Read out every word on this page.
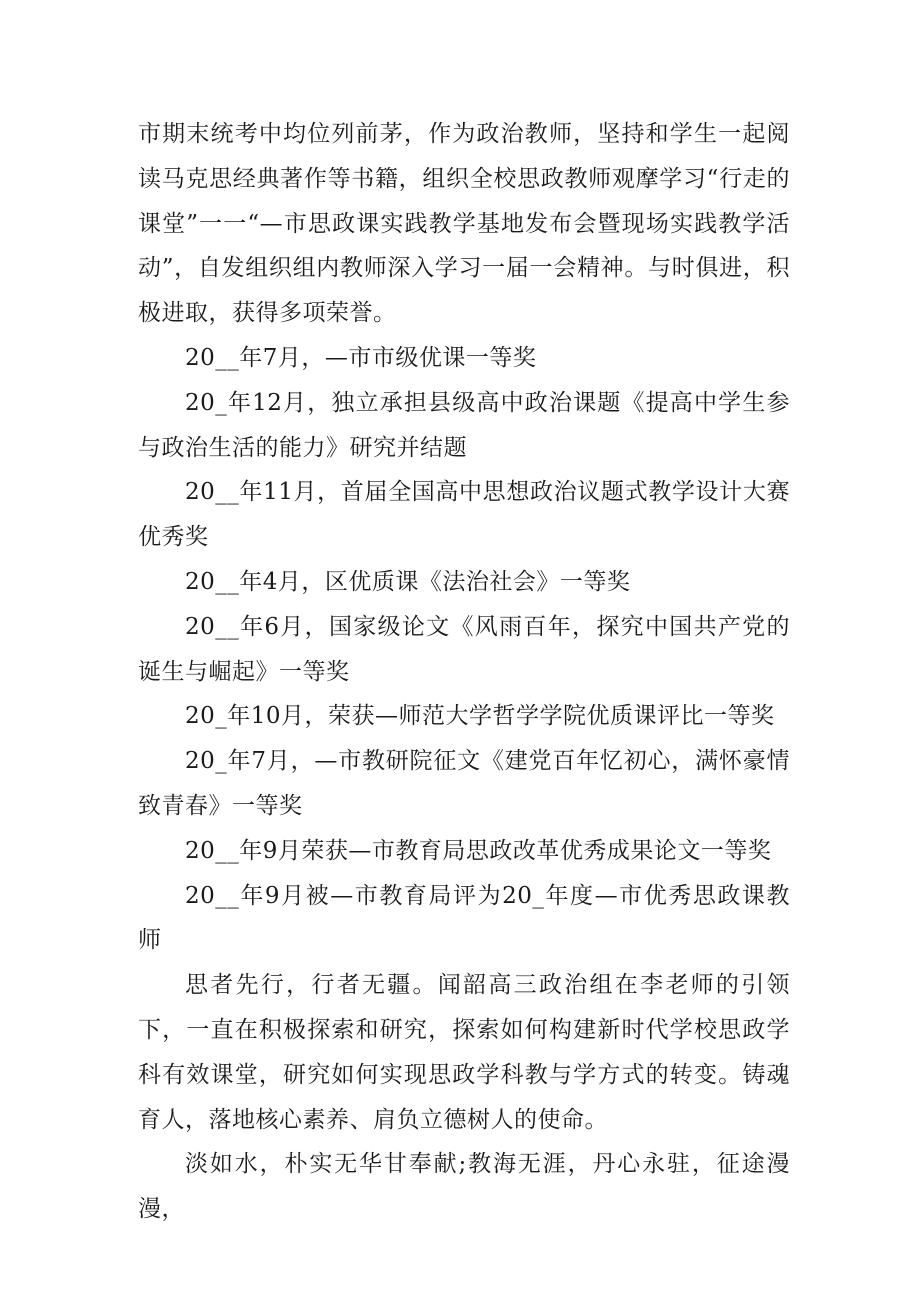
市期末统考中均位列前茅，作为政治教师，坚持和学生一起阅读马克思经典著作等书籍，组织全校思政教师观摩学习“行走的课堂”一一“—市思政课实践教学基地发布会暨现场实践教学活动”，自发组织组内教师深入学习一届一会精神。与时俱进，积极进取，获得多项荣誉。

20__年7月，—市市级优课一等奖

20_年12月，独立承担县级高中政治课题《提高中学生参与政治生活的能力》研究并结题

20__年11月，首届全国高中思想政治议题式教学设计大赛优秀奖

20__年4月，区优质课《法治社会》一等奖

20__年6月，国家级论文《风雨百年，探究中国共产党的诞生与崛起》一等奖

20_年10月，荣获—师范大学哲学学院优质课评比一等奖

20_年7月，—市教研院征文《建党百年忆初心，满怀豪情致青春》一等奖

20__年9月荣获—市教育局思政改革优秀成果论文一等奖

20__年9月被—市教育局评为20_年度—市优秀思政课教师

思者先行，行者无疆。闻韶高三政治组在李老师的引领下，一直在积极探索和研究，探索如何构建新时代学校思政学科有效课堂，研究如何实现思政学科教与学方式的转变。铸魂育人，落地核心素养、肩负立德树人的使命。

淡如水，朴实无华甘奉献;教海无涯，丹心永驻，征途漫漫，
